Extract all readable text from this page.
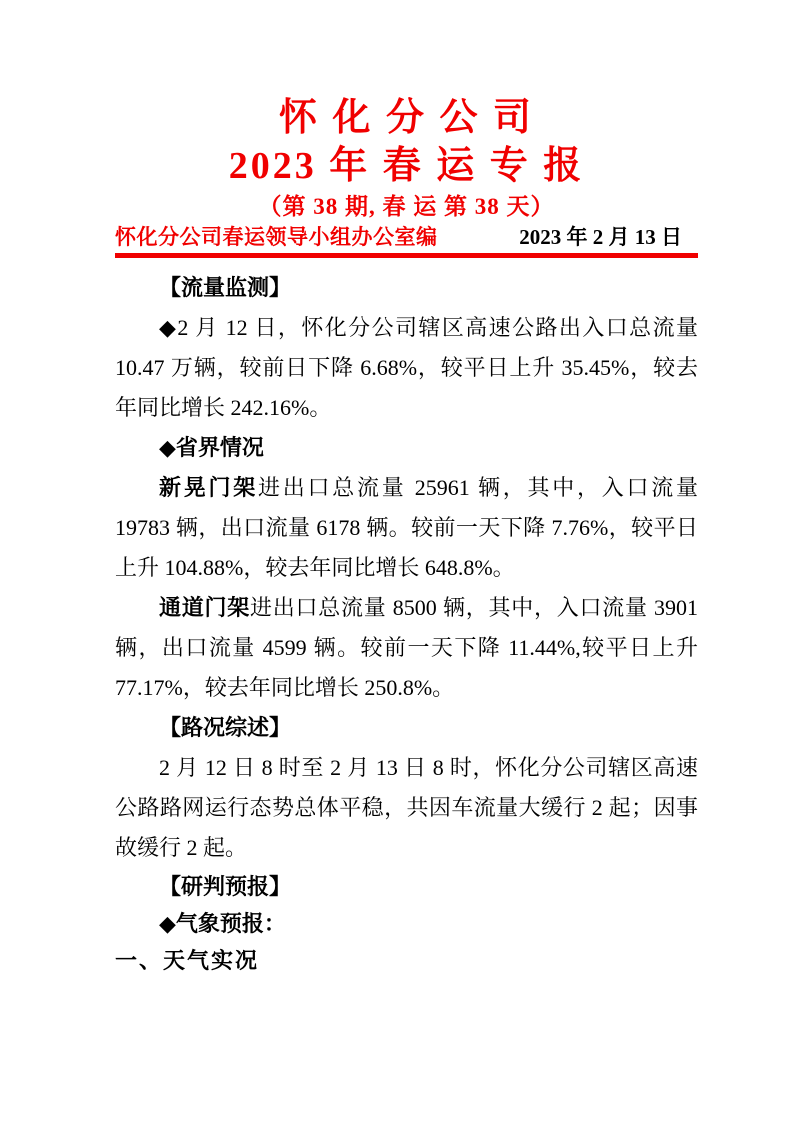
怀 化 分 公 司
2023 年 春 运 专 报
（第 38 期, 春 运 第 38 天）
怀化分公司春运领导小组办公室编	2023 年 2 月 13 日

【流量监测】

◆2 月 12 日，怀化分公司辖区高速公路出入口总流量 10.47 万辆，较前日下降 6.68%，较平日上升 35.45%，较去年同比增长 242.16%。

◆省界情况

新晃门架进出口总流量 25961 辆，其中，入口流量 19783 辆，出口流量 6178 辆。较前一天下降 7.76%，较平日上升 104.88%，较去年同比增长 648.8%。

通道门架进出口总流量 8500 辆，其中，入口流量 3901 辆，出口流量 4599 辆。较前一天下降 11.44%,较平日上升 77.17%，较去年同比增长 250.8%。

【路况综述】

2 月 12 日 8 时至 2 月 13 日 8 时，怀化分公司辖区高速公路路网运行态势总体平稳，共因车流量大缓行 2 起；因事故缓行 2 起。

【研判预报】

◆气象预报：

一、天气实况
